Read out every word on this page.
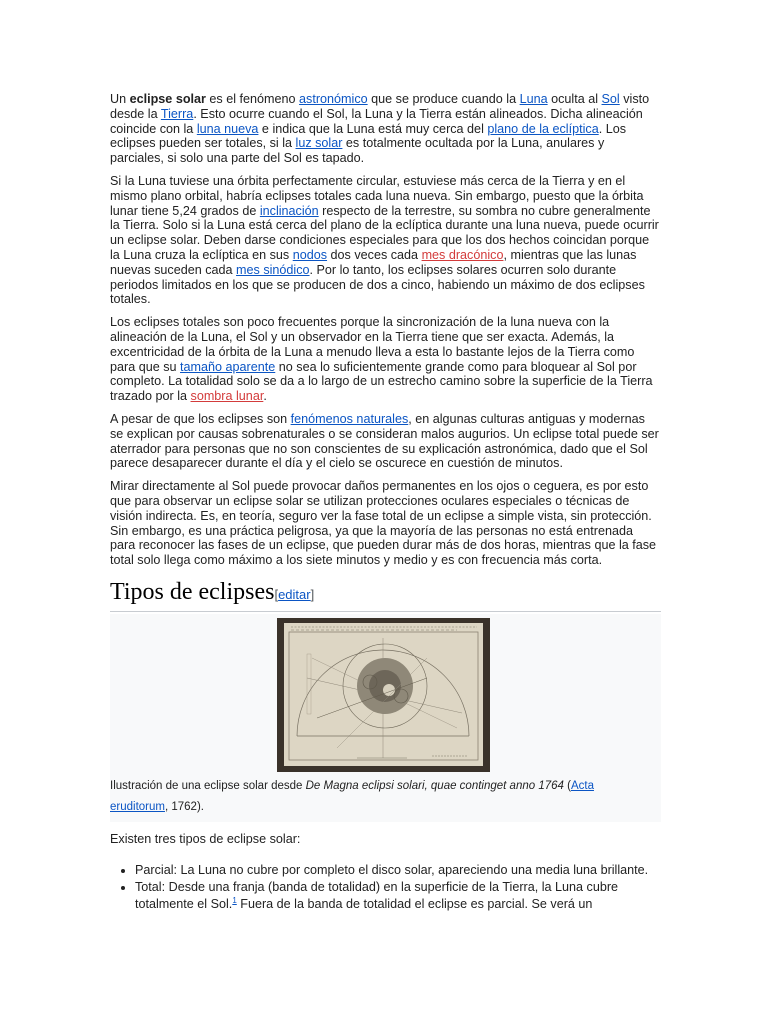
Un eclipse solar es el fenómeno astronómico que se produce cuando la Luna oculta al Sol visto desde la Tierra. Esto ocurre cuando el Sol, la Luna y la Tierra están alineados. Dicha alineación coincide con la luna nueva e indica que la Luna está muy cerca del plano de la eclíptica. Los eclipses pueden ser totales, si la luz solar es totalmente ocultada por la Luna, anulares y parciales, si solo una parte del Sol es tapado.

Si la Luna tuviese una órbita perfectamente circular, estuviese más cerca de la Tierra y en el mismo plano orbital, habría eclipses totales cada luna nueva. Sin embargo, puesto que la órbita lunar tiene 5,24 grados de inclinación respecto de la terrestre, su sombra no cubre generalmente la Tierra. Solo si la Luna está cerca del plano de la eclíptica durante una luna nueva, puede ocurrir un eclipse solar. Deben darse condiciones especiales para que los dos hechos coincidan porque la Luna cruza la eclíptica en sus nodos dos veces cada mes dracónico, mientras que las lunas nuevas suceden cada mes sinódico. Por lo tanto, los eclipses solares ocurren solo durante periodos limitados en los que se producen de dos a cinco, habiendo un máximo de dos eclipses totales.

Los eclipses totales son poco frecuentes porque la sincronización de la luna nueva con la alineación de la Luna, el Sol y un observador en la Tierra tiene que ser exacta. Además, la excentricidad de la órbita de la Luna a menudo lleva a esta lo bastante lejos de la Tierra como para que su tamaño aparente no sea lo suficientemente grande como para bloquear al Sol por completo. La totalidad solo se da a lo largo de un estrecho camino sobre la superficie de la Tierra trazado por la sombra lunar.

A pesar de que los eclipses son fenómenos naturales, en algunas culturas antiguas y modernas se explican por causas sobrenaturales o se consideran malos augurios. Un eclipse total puede ser aterrador para personas que no son conscientes de su explicación astronómica, dado que el Sol parece desaparecer durante el día y el cielo se oscurece en cuestión de minutos.

Mirar directamente al Sol puede provocar daños permanentes en los ojos o ceguera, es por esto que para observar un eclipse solar se utilizan protecciones oculares especiales o técnicas de visión indirecta. Es, en teoría, seguro ver la fase total de un eclipse a simple vista, sin protección. Sin embargo, es una práctica peligrosa, ya que la mayoría de las personas no está entrenada para reconocer las fases de un eclipse, que pueden durar más de dos horas, mientras que la fase total solo llega como máximo a los siete minutos y medio y es con frecuencia más corta.

Tipos de eclipses[editar]
Ilustración de una eclipse solar desde De Magna eclipsi solari, quae continget anno 1764 (Acta eruditorum, 1762).

Existen tres tipos de eclipse solar:

• Parcial: La Luna no cubre por completo el disco solar, apareciendo una media luna brillante.
• Total: Desde una franja (banda de totalidad) en la superficie de la Tierra, la Luna cubre totalmente el Sol.$^1$ Fuera de la banda de totalidad el eclipse es parcial. Se verá un
